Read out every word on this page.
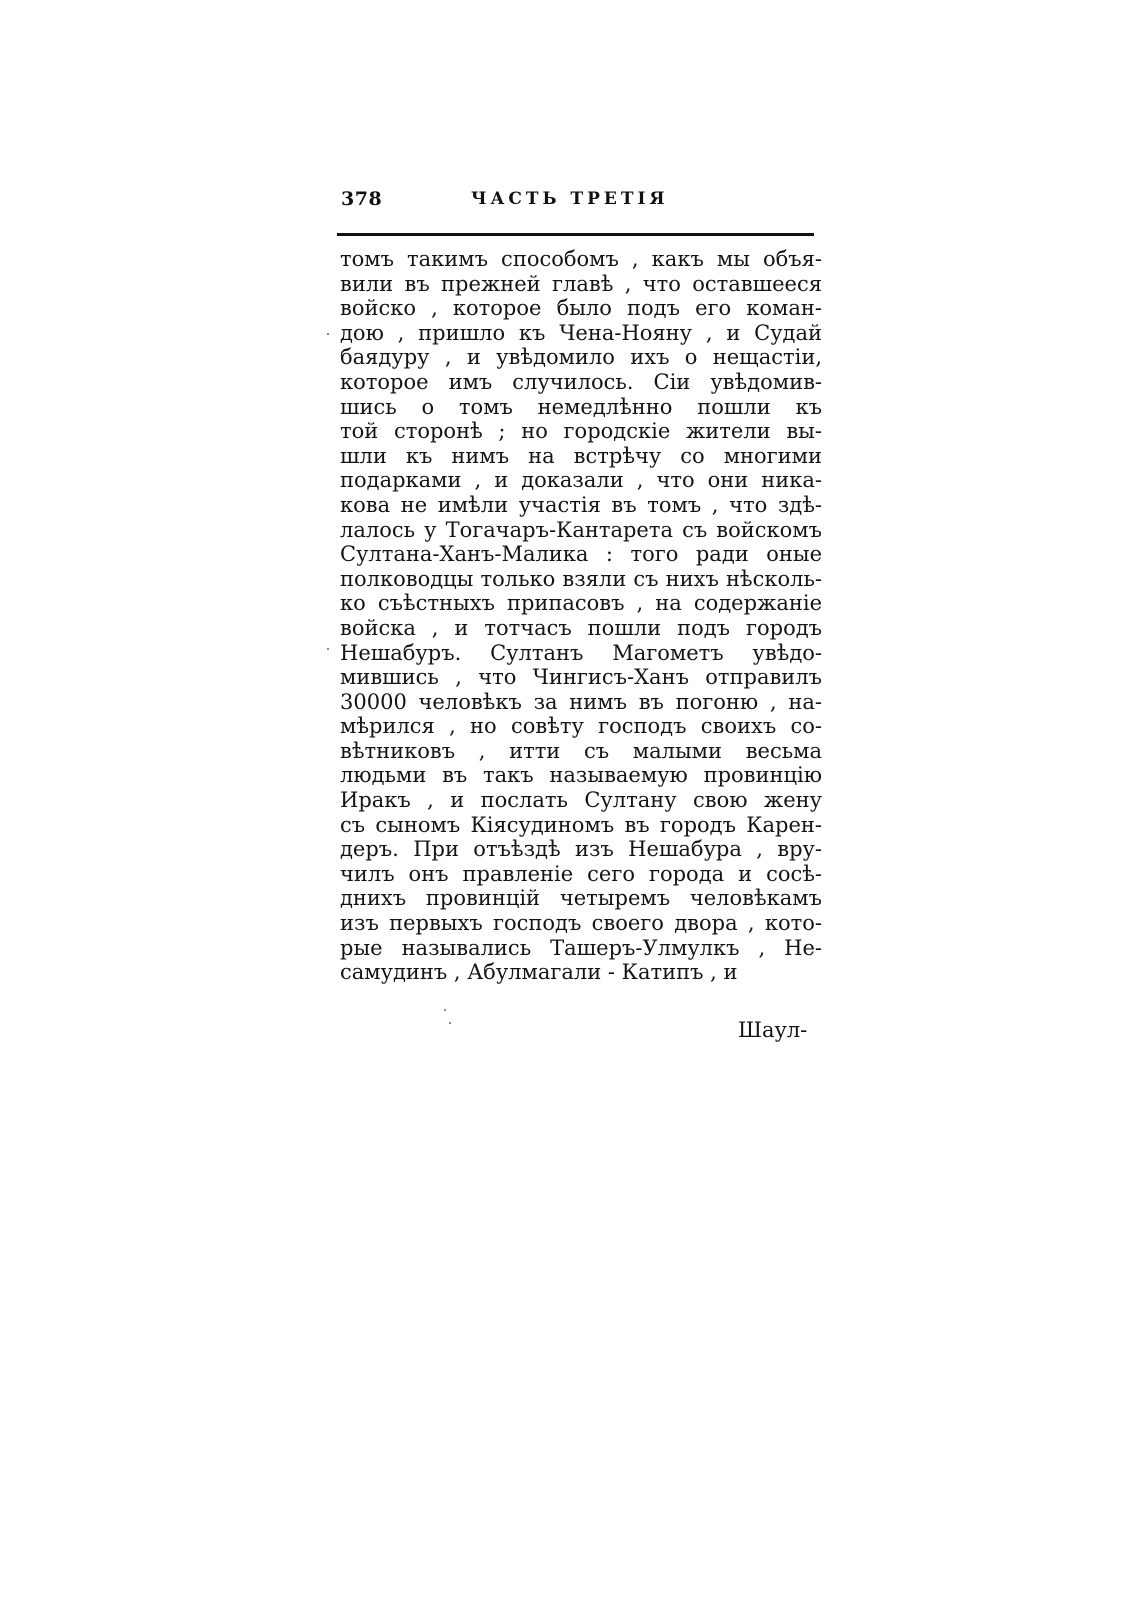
378	ЧАСТЬ ТРЕТІЯ
томъ такимъ способомъ , какъ мы объя-
вили въ прежней главѣ , что оставшееся
войско , которое было подъ его коман-
дою , пришло къ Чена-Нояну , и Судай
баядуру , и увѣдомило ихъ о нещастіи,
которое имъ случилось. Сіи увѣдомив-
шись о томъ немедлѣнно пошли къ
той сторонѣ ; но городскіе жители вы-
шли къ нимъ на встрѣчу со многими
подарками , и доказали , что они ника-
кова не имѣли участія въ томъ , что здѣ-
лалось у Тогачаръ-Кантарета съ войскомъ
Султана-Ханъ-Малика : того ради оные
полководцы только взяли съ нихъ нѣсколь-
ко съѣстныхъ припасовъ , на содержаніе
войска , и тотчасъ пошли подъ городъ
Нешабуръ. Султанъ Магометъ увѣдо-
мившись , что Чингисъ-Ханъ отправилъ
30000 человѣкъ за нимъ въ погоню , на-
мѣрился , но совѣту господъ своихъ со-
вѣтниковъ , итти съ малыми весьма
людьми въ такъ называемую провинцію
Иракъ , и послать Султану свою жену
съ сыномъ Кіясудиномъ въ городъ Карен-
деръ. При отъѣздѣ изъ Нешабура , вру-
чилъ онъ правленіе сего города и сосѣ-
днихъ провинцій четыремъ человѣкамъ
изъ первыхъ господъ своего двора , кото-
рые назывались Ташеръ-Улмулкъ , Не-
самудинъ , Абулмагали - Катипъ , и
Шаул-
